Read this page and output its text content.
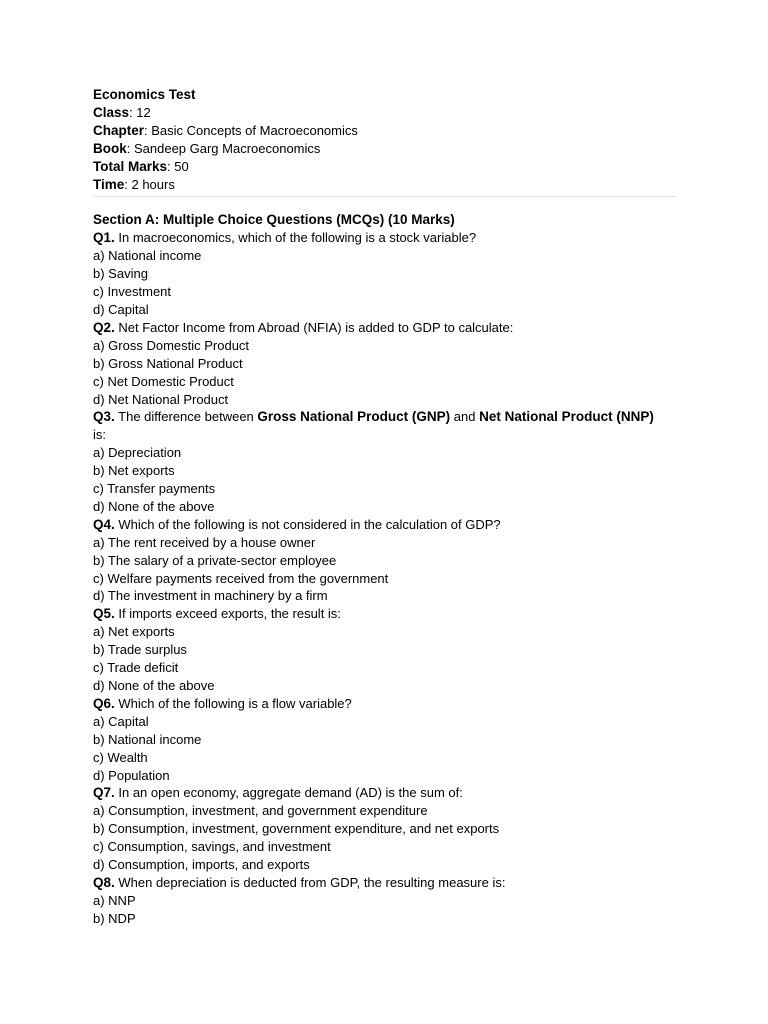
Economics Test
Class: 12
Chapter: Basic Concepts of Macroeconomics
Book: Sandeep Garg Macroeconomics
Total Marks: 50
Time: 2 hours
Section A: Multiple Choice Questions (MCQs) (10 Marks)
Q1. In macroeconomics, which of the following is a stock variable?
a) National income
b) Saving
c) Investment
d) Capital
Q2. Net Factor Income from Abroad (NFIA) is added to GDP to calculate:
a) Gross Domestic Product
b) Gross National Product
c) Net Domestic Product
d) Net National Product
Q3. The difference between Gross National Product (GNP) and Net National Product (NNP)
is:
a) Depreciation
b) Net exports
c) Transfer payments
d) None of the above
Q4. Which of the following is not considered in the calculation of GDP?
a) The rent received by a house owner
b) The salary of a private-sector employee
c) Welfare payments received from the government
d) The investment in machinery by a firm
Q5. If imports exceed exports, the result is:
a) Net exports
b) Trade surplus
c) Trade deficit
d) None of the above
Q6. Which of the following is a flow variable?
a) Capital
b) National income
c) Wealth
d) Population
Q7. In an open economy, aggregate demand (AD) is the sum of:
a) Consumption, investment, and government expenditure
b) Consumption, investment, government expenditure, and net exports
c) Consumption, savings, and investment
d) Consumption, imports, and exports
Q8. When depreciation is deducted from GDP, the resulting measure is:
a) NNP
b) NDP
